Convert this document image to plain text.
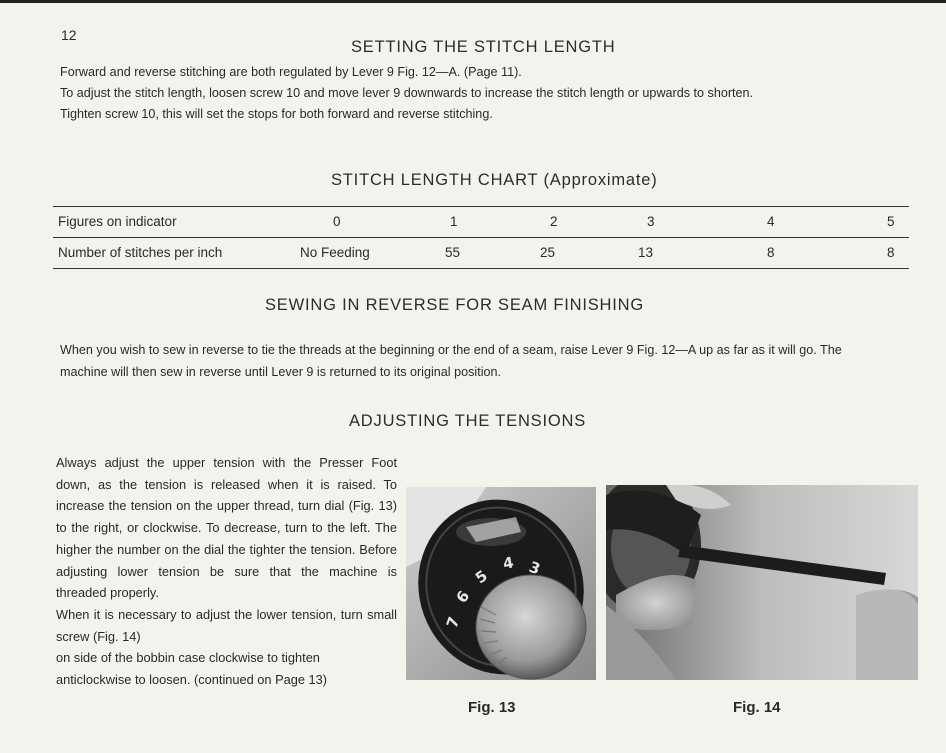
12
SETTING THE STITCH LENGTH

Forward and reverse stitching are both regulated by Lever 9 Fig. 12—A. (Page 11).

To adjust the stitch length, loosen screw 10 and move lever 9 downwards to increase the stitch length or upwards to shorten.

Tighten screw 10, this will set the stops for both forward and reverse stitching.

STITCH LENGTH CHART (Approximate)
Figures on indicator	0	1	2	3	4	5
Number of stitches per inch	No Feeding	55	25	13	8	8
SEWING IN REVERSE FOR SEAM FINISHING
When you wish to sew in reverse to tie the threads at the beginning or the end of a seam, raise Lever 9 Fig. 12—A up as far as it will go. The machine will then sew in reverse until Lever 9 is returned to its original position.
ADJUSTING THE TENSIONS

Always adjust the upper tension with the Presser Foot down, as the tension is released when it is raised. To increase the tension on the upper thread, turn dial (Fig. 13) to the right, or clockwise. To decrease, turn to the left. The higher the number on the dial the tighter the tension. Before adjusting lower tension be sure that the machine is threaded properly.

When it is necessary to adjust the lower tension, turn small screw (Fig. 14)

on side of the bobbin case clockwise to tighten anticlockwise to loosen. (continued on Page 13)

7
6
5
4 3
Fig. 13	Fig. 14
